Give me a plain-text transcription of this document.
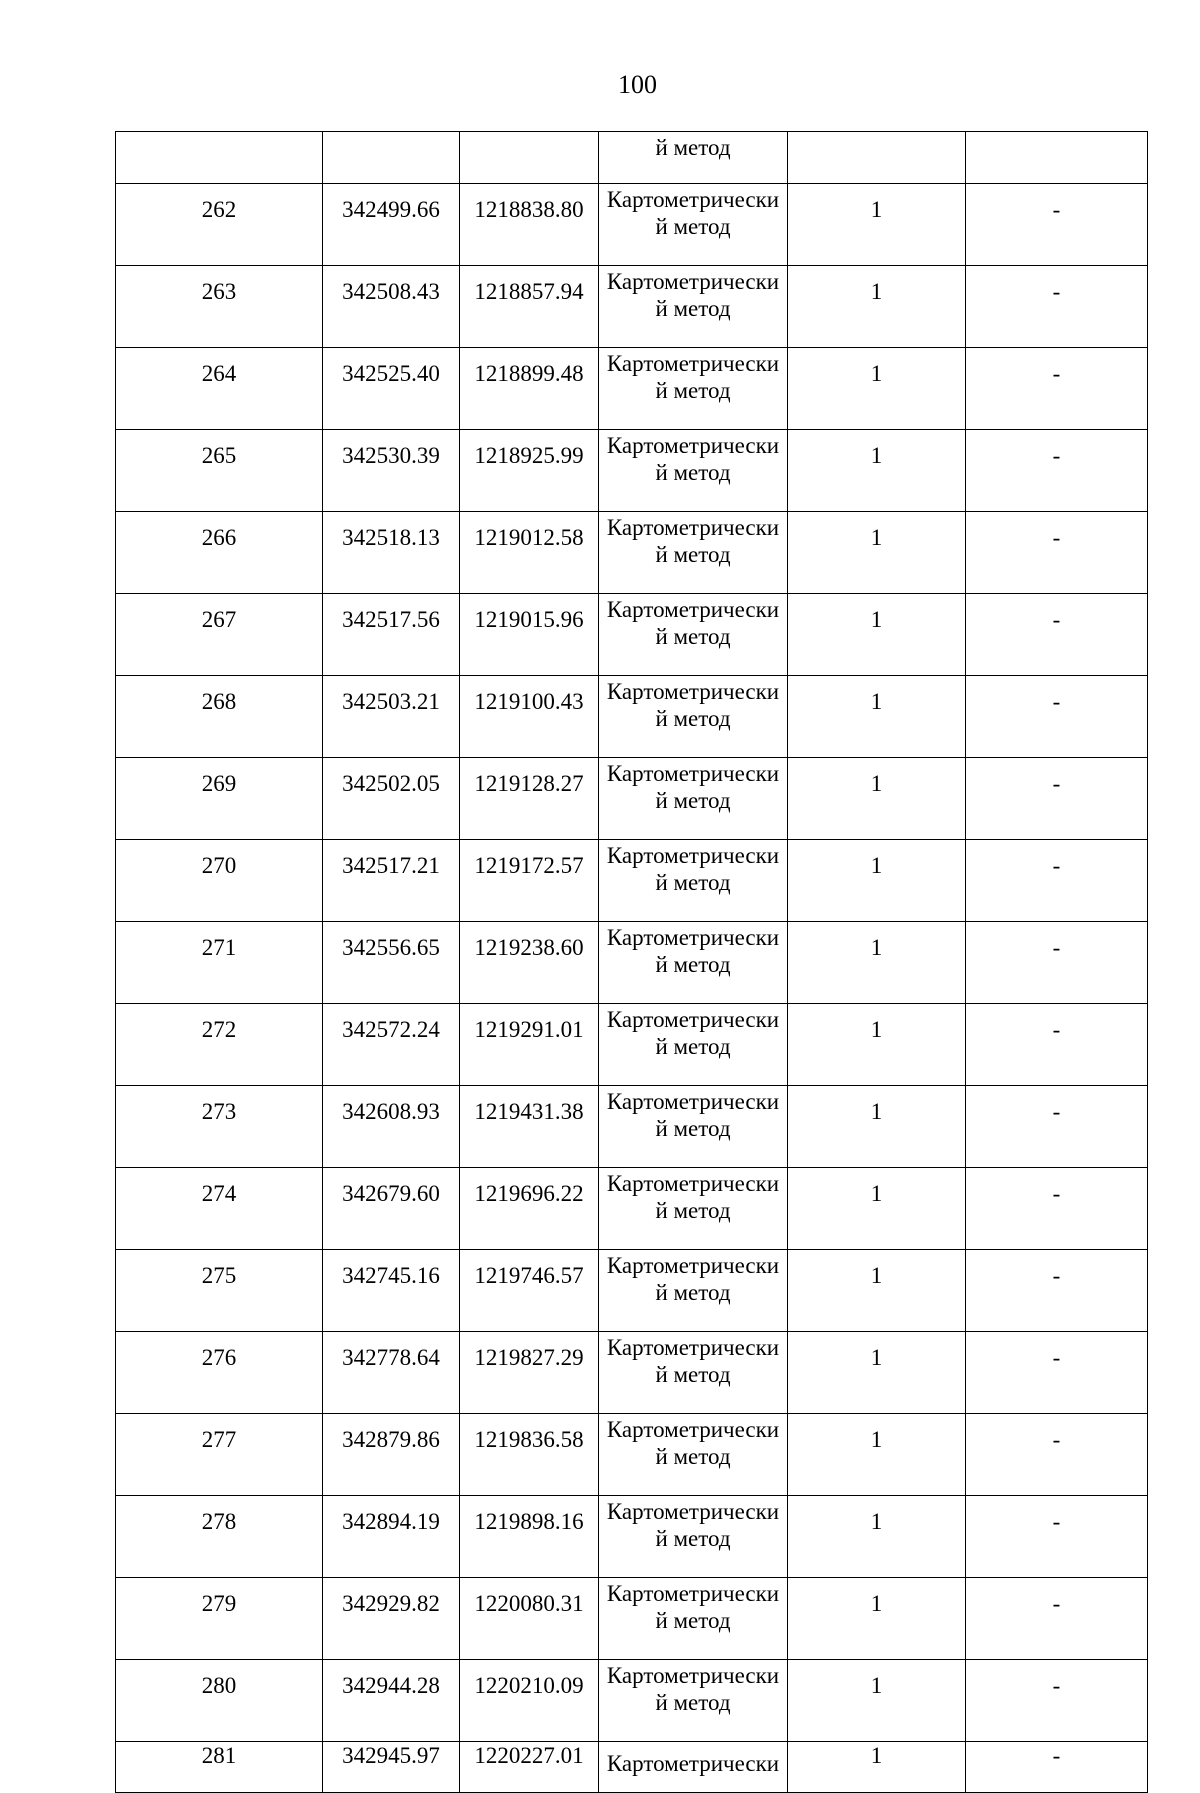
100

			й метод		

262	342499.66	1218838.80	Картометрически
й метод	1	-
263	342508.43	1218857.94	Картометрически
й метод	1	-
264	342525.40	1218899.48	Картометрически
й метод	1	-
265	342530.39	1218925.99	Картометрически
й метод	1	-
266	342518.13	1219012.58	Картометрически
й метод	1	-
267	342517.56	1219015.96	Картометрически
й метод	1	-
268	342503.21	1219100.43	Картометрически
й метод	1	-
269	342502.05	1219128.27	Картометрически
й метод	1	-
270	342517.21	1219172.57	Картометрически
й метод	1	-
271	342556.65	1219238.60	Картометрически
й метод	1	-
272	342572.24	1219291.01	Картометрически
й метод	1	-
273	342608.93	1219431.38	Картометрически
й метод	1	-
274	342679.60	1219696.22	Картометрически
й метод	1	-
275	342745.16	1219746.57	Картометрически
й метод	1	-
276	342778.64	1219827.29	Картометрически
й метод	1	-
277	342879.86	1219836.58	Картометрически
й метод	1	-
278	342894.19	1219898.16	Картометрически
й метод	1	-
279	342929.82	1220080.31	Картометрически
й метод	1	-
280	342944.28	1220210.09	Картометрически
й метод	1	-
281	342945.97	1220227.01	Картометрически	1	-
